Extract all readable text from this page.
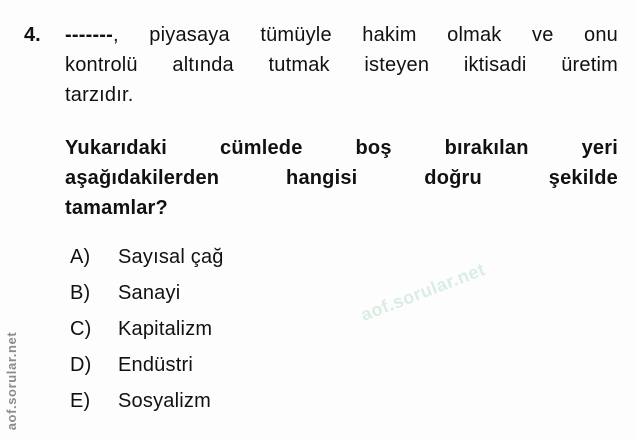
4.	-------, piyasaya tümüyle hakim olmak ve onu
kontrolü altında tutmak isteyen iktisadi üretim
tarzıdır.
Yukarıdaki cümlede boş bırakılan yeri
aşağıdakilerden hangisi doğru şekilde
tamamlar?
A)	Sayısal çağ
B)	Sanayi
C)	Kapitalizm
D)	Endüstri
E)	Sosyalizm
aof.sorular.net
aof.sorular.net
